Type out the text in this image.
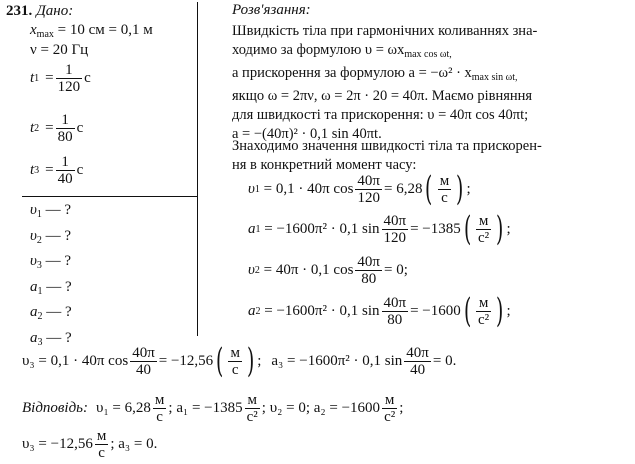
231. Дано:
$x_{max} = 10$ см = 0,1 м
ν = 20 Гц
t $1 = \frac{1}{120}$ с
t $2 = \frac{1}{80}$ с
t $3 = \frac{1}{40}$ с
$\upsilon_1$ — ?
$\upsilon_2$ — ?
$\upsilon_3$ — ?
$a_1$ — ?
$a_2$ — ?
$a_3$ — ?
Розв'язання:
Швидкість тіла при гармонічних коливаннях зна-
ходимо за формулою $\upsilon = \omega x_{max cos \omega t,}$
а прискорення за формулою $a = -\omega^2 \cdot x_{max sin \omega t,}$
якщо ω = 2πν, ω = 2π · 20 = 40π. Маємо рівняння
для швидкості та прискорення: υ = 40π cos 40πt;
a = −(40π)² · 0,1 sin 40πt.
Знаходимо значення швидкості тіла та прискорен-
ня в конкретний момент часу:
υ 1
= 0,1 · 40π $\cos \frac{40\pi}{120} = 6,28$ ( $\frac{м}{с}$ ) ;
a 1
= −1600π² · 0,1 $\sin \frac{40\pi}{120} = -1385$ ( $\frac{м}{\text{с²}}$ ) ;
υ 2
= 40π · 0,1 $\cos \frac{40\pi}{80} = 0$;
a 2
= −1600π² · 0,1 $\sin \frac{40\pi}{80} = -1600$ ( $\frac{м}{\text{с²}}$ ) ;
υ₃ = 0,1 · 40π $\cos \frac{40\pi}{40} = -12,56$ ( $\frac{м}{с}$ ) ; a₃ = −1600π² · 0,1 $\sin \frac{40\pi}{40} = 0$.
Відповідь: $\upsilon_1 = 6,28 \frac{м}{с}$ ;
$a_1 = -1385 \frac{м}{\text{с²}}$ ;
υ₂ = 0;
$a_2 = -1600 \frac{м}{\text{с²}}$ ;
$\upsilon_3 = -12,56 \frac{м}{с}$ ;
a₃ = 0.
